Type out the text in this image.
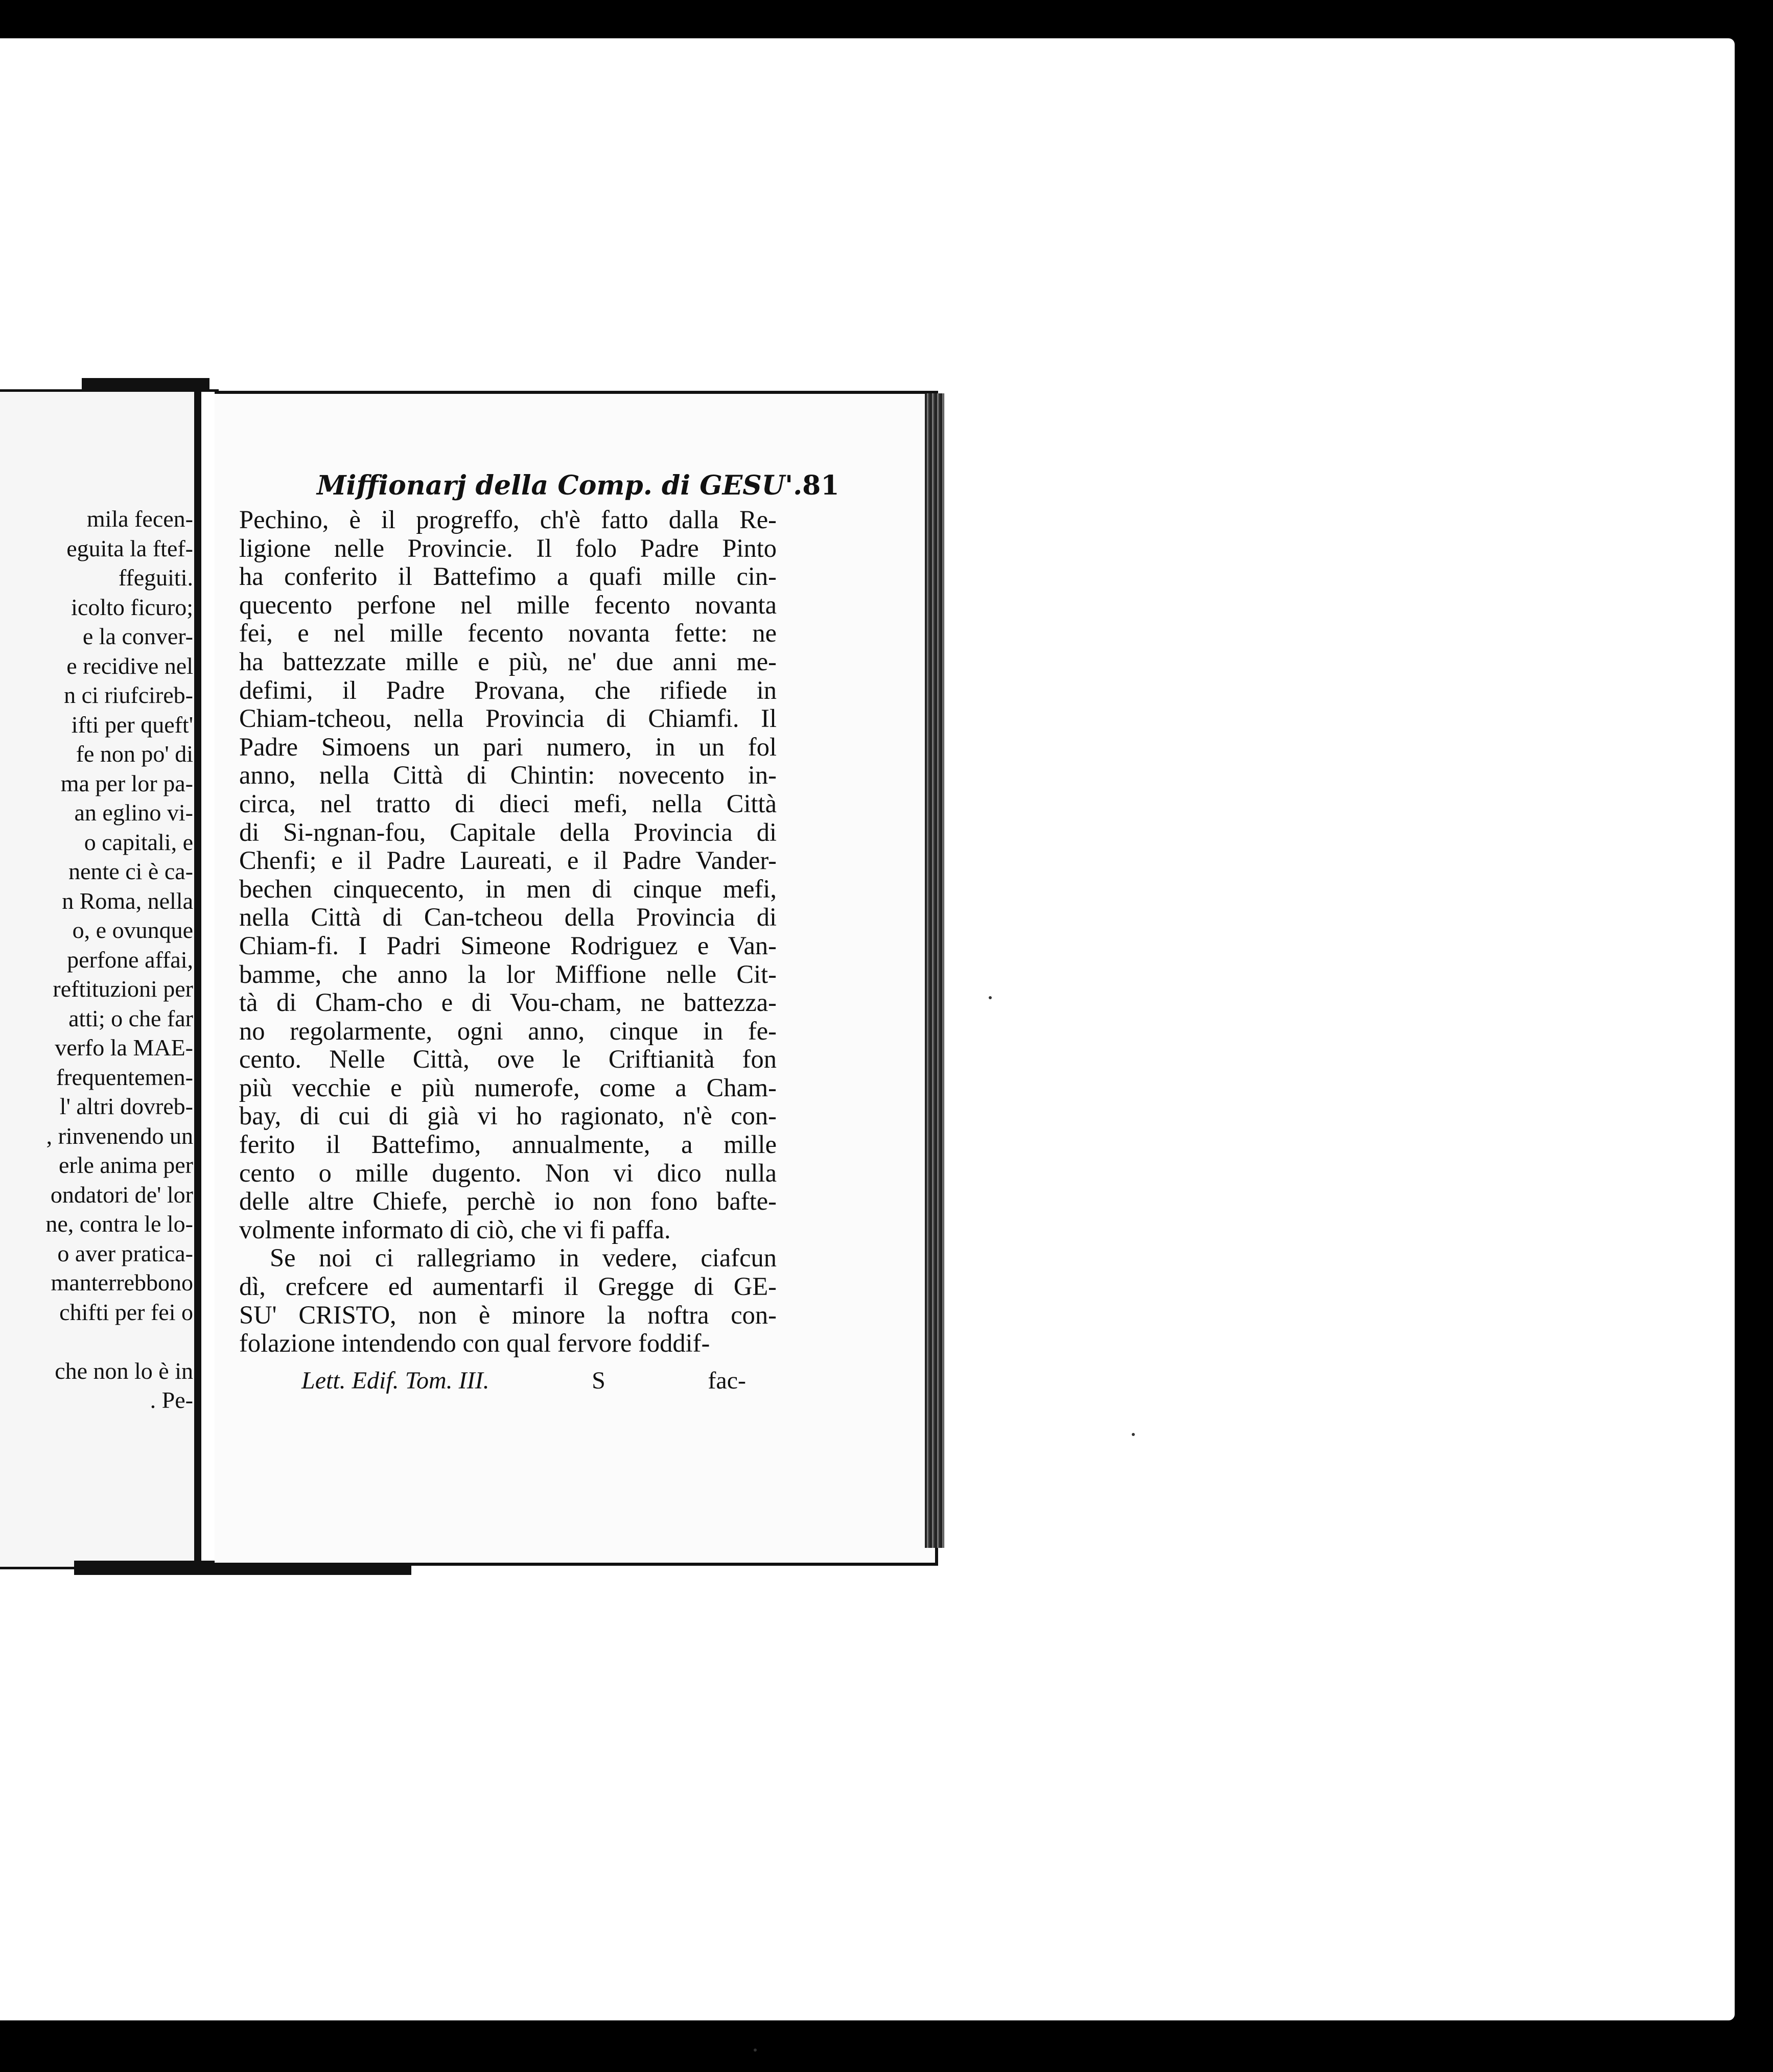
mila fecen-
eguita la ftef-
ffeguiti.
icolto ficuro;
e la conver-
e recidive nel
n ci riufcireb-
ifti per queft'
fe non po' di
ma per lor pa-
an eglino vi-
o capitali, e
nente ci è ca-
n Roma, nella
o, e ovunque
perfone affai,
reftituzioni per
atti; o che far
verfo la MAE-
frequentemen-
l' altri dovreb-
, rinvenendo un
erle anima per
ondatori de' lor
ne, contra le lo-
o aver pratica-
manterrebbono
chifti per fei o

che non lo è in
. Pe-
Miffionarj della Comp. di GESU'. 81
Pechino, è il progreffo, ch'è fatto dalla Re-
ligione nelle Provincie. Il folo Padre Pinto
ha conferito il Battefimo a quafi mille cin-
quecento perfone nel mille fecento novanta
fei, e nel mille fecento novanta fette: ne
ha battezzate mille e più, ne' due anni me-
defimi, il Padre Provana, che rifiede in
Chiam-tcheou, nella Provincia di Chiamfi. Il
Padre Simoens un pari numero, in un fol
anno, nella Città di Chintin: novecento in-
circa, nel tratto di dieci mefi, nella Città
di Si-ngnan-fou, Capitale della Provincia di
Chenfi; e il Padre Laureati, e il Padre Vander-
bechen cinquecento, in men di cinque mefi,
nella Città di Can-tcheou della Provincia di
Chiam-fi. I Padri Simeone Rodriguez e Van-
bamme, che anno la lor Miffione nelle Cit-
tà di Cham-cho e di Vou-cham, ne battezza-
no regolarmente, ogni anno, cinque in fe-
cento. Nelle Città, ove le Criftianità fon
più vecchie e più numerofe, come a Cham-
bay, di cui di già vi ho ragionato, n'è con-
ferito il Battefimo, annualmente, a mille
cento o mille dugento. Non vi dico nulla
delle altre Chiefe, perchè io non fono bafte-
volmente informato di ciò, che vi fi paffa.
Se noi ci rallegriamo in vedere, ciafcun
dì, crefcere ed aumentarfi il Gregge di GE-
SU' CRISTO, non è minore la noftra con-
folazione intendendo con qual fervore foddif-
Lett. Edif. Tom. III.	S	fac-
